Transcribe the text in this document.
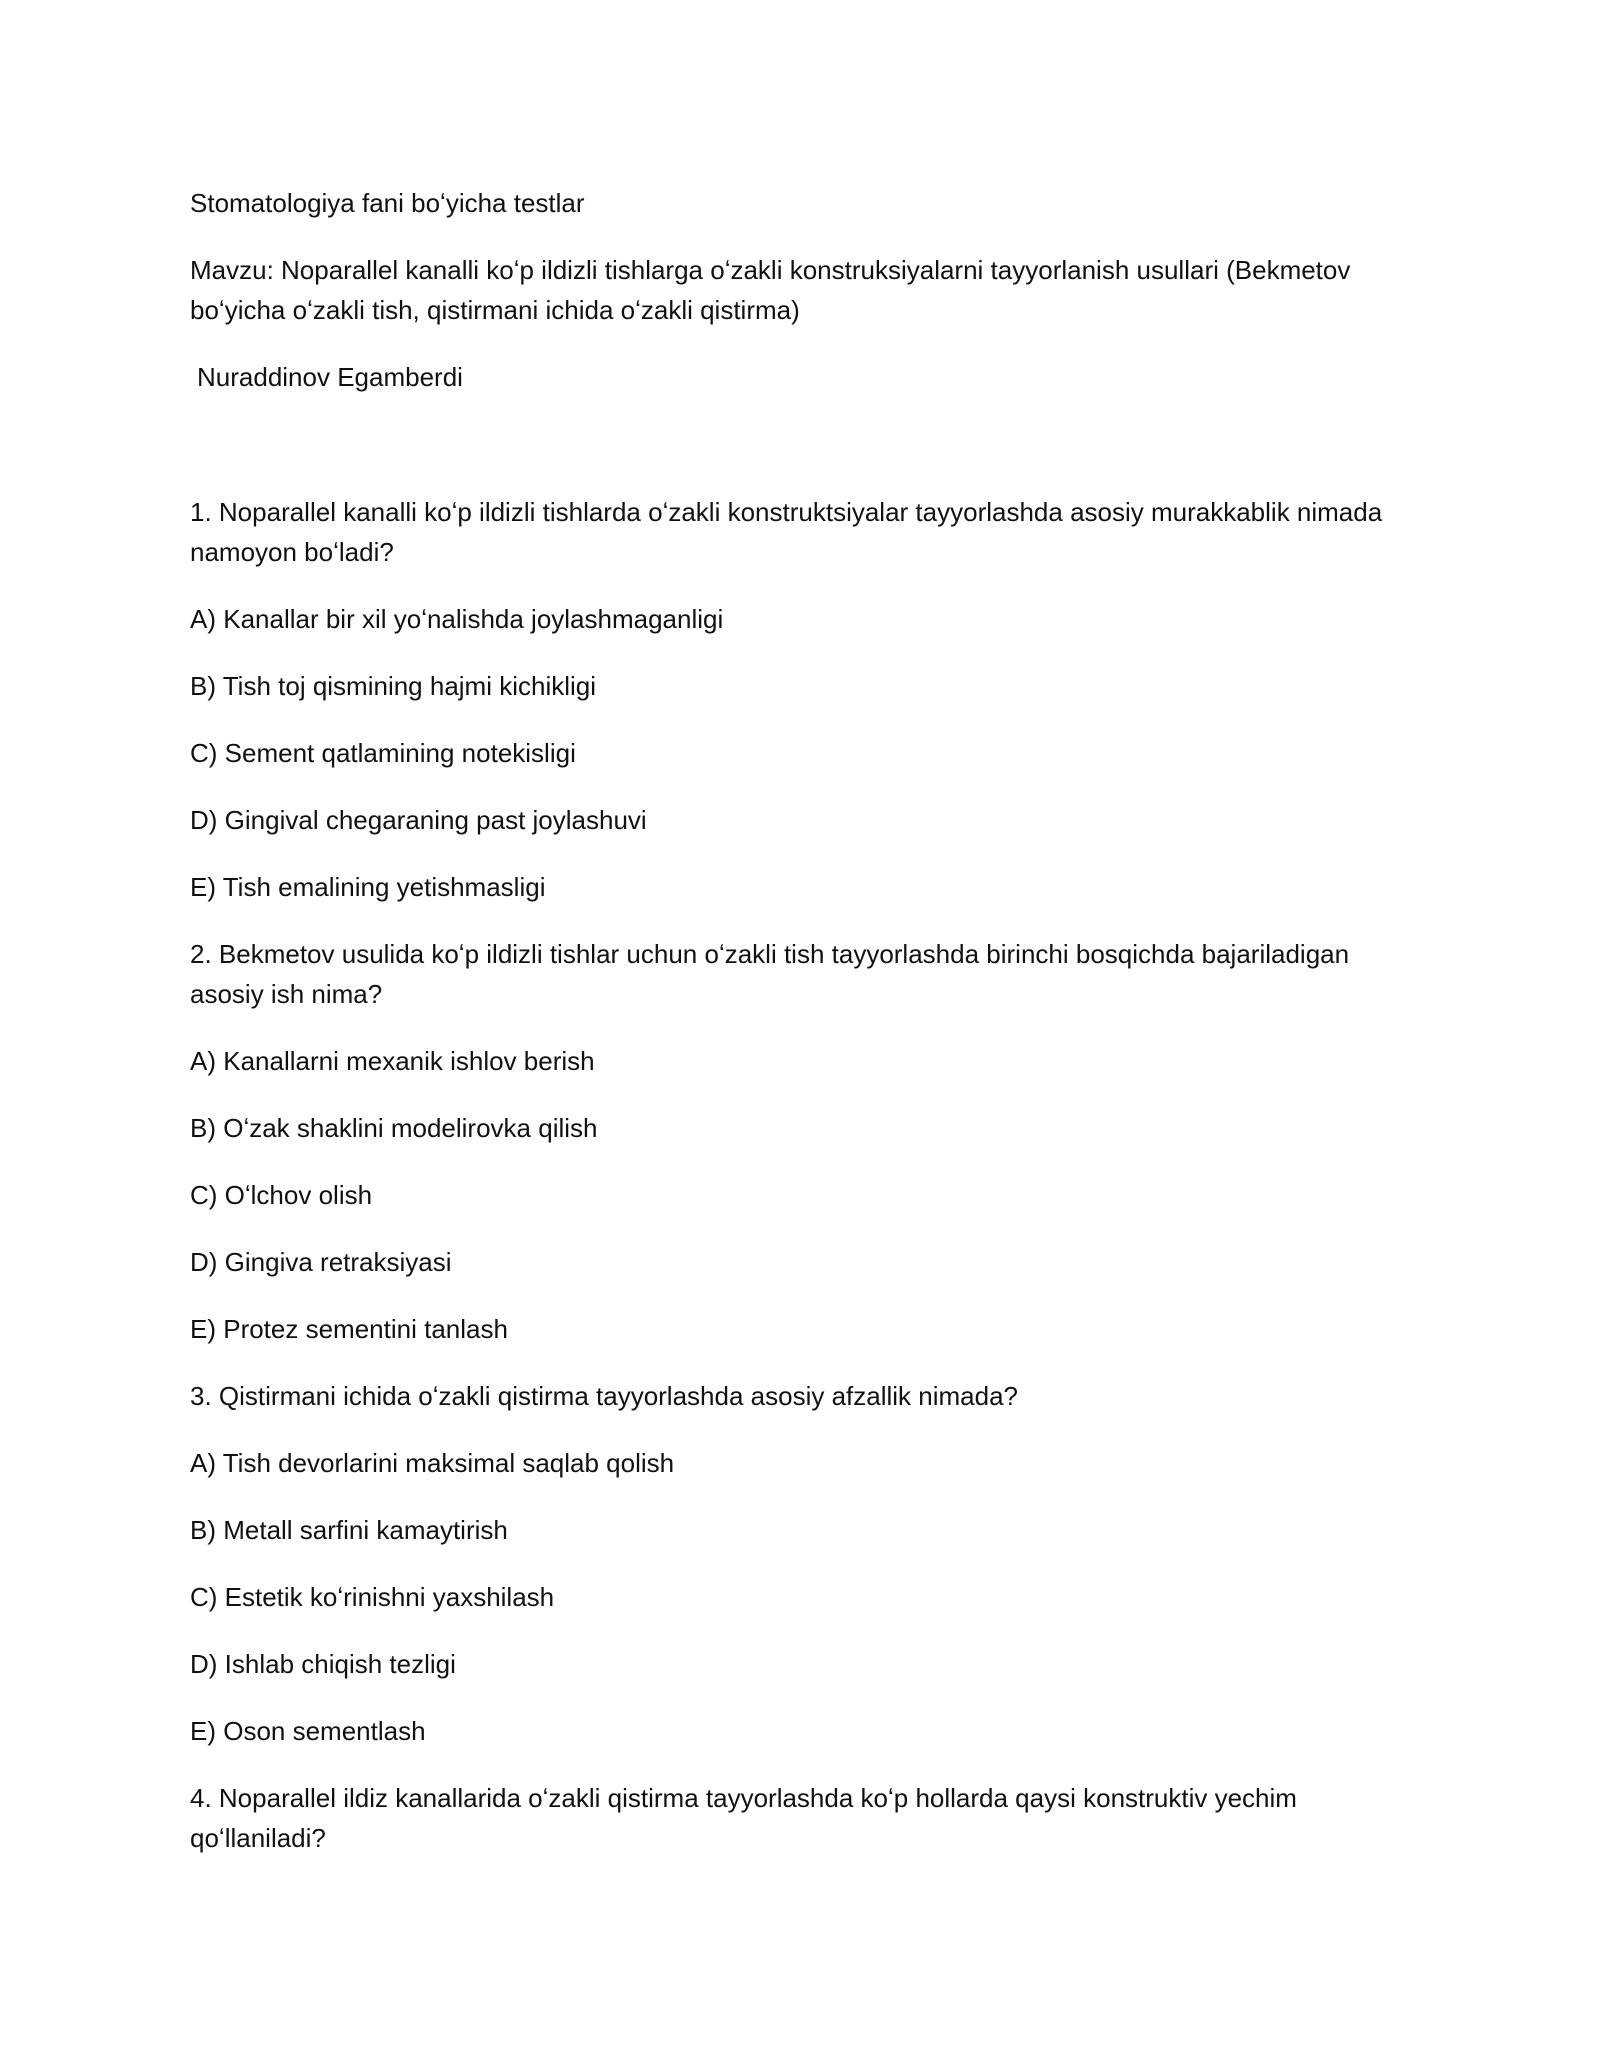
Stomatologiya fani boʻyicha testlar

Mavzu: Noparallel kanalli koʻp ildizli tishlarga oʻzakli konstruksiyalarni tayyorlanish usullari (Bekmetov boʻyicha oʻzakli tish, qistirmani ichida oʻzakli qistirma)

Nuraddinov Egamberdi

1. Noparallel kanalli koʻp ildizli tishlarda oʻzakli konstruktsiyalar tayyorlashda asosiy murakkablik nimada namoyon boʻladi?

A) Kanallar bir xil yoʻnalishda joylashmaganligi

B) Tish toj qismining hajmi kichikligi

C) Sement qatlamining notekisligi

D) Gingival chegaraning past joylashuvi

E) Tish emalining yetishmasligi

2. Bekmetov usulida koʻp ildizli tishlar uchun oʻzakli tish tayyorlashda birinchi bosqichda bajariladigan asosiy ish nima?

A) Kanallarni mexanik ishlov berish

B) Oʻzak shaklini modelirovka qilish

C) Oʻlchov olish

D) Gingiva retraksiyasi

E) Protez sementini tanlash

3. Qistirmani ichida oʻzakli qistirma tayyorlashda asosiy afzallik nimada?

A) Tish devorlarini maksimal saqlab qolish

B) Metall sarfini kamaytirish

C) Estetik koʻrinishni yaxshilash

D) Ishlab chiqish tezligi

E) Oson sementlash

4. Noparallel ildiz kanallarida oʻzakli qistirma tayyorlashda koʻp hollarda qaysi konstruktiv yechim qoʻllaniladi?
